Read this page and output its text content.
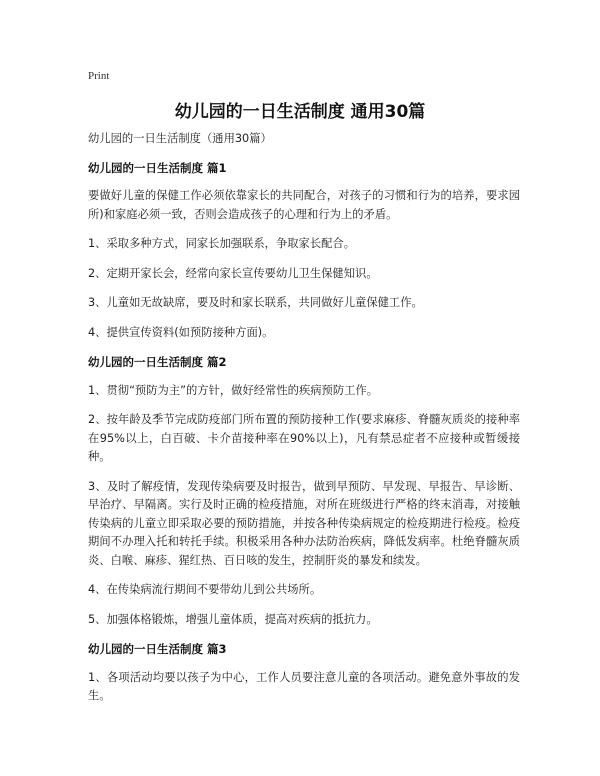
Print
幼儿园的一日生活制度 通用30篇

幼儿园的一日生活制度（通用30篇）

幼儿园的一日生活制度 篇1

要做好儿童的保健工作必须依靠家长的共同配合，对孩子的习惯和行为的培养，要求园所)和家庭必须一致，否则会造成孩子的心理和行为上的矛盾。

1、采取多种方式，同家长加强联系，争取家长配合。

2、定期开家长会，经常向家长宣传要幼儿卫生保健知识。

3、儿童如无故缺席，要及时和家长联系，共同做好儿童保健工作。

4、提供宣传资料(如预防接种方面)。

幼儿园的一日生活制度 篇2

1、贯彻“预防为主”的方针，做好经常性的疾病预防工作。

2、按年龄及季节完成防疫部门所布置的预防接种工作(要求麻疹、脊髓灰质炎的接种率在95%以上，白百破、卡介苗接种率在90%以上)，凡有禁忌症者不应接种或暂缓接种。

3、及时了解疫情，发现传染病要及时报告，做到早预防、早发现、早报告、早诊断、早治疗、早隔离。实行及时正确的检疫措施，对所在班级进行严格的终末消毒，对接触传染病的儿童立即采取必要的预防措施，并按各种传染病规定的检疫期进行检疫。检疫期间不办理入托和转托手续。积极采用各种办法防治疾病，降低发病率。杜绝脊髓灰质炎、白喉、麻疹、猩红热、百日咳的发生，控制肝炎的暴发和续发。

4、在传染病流行期间不要带幼儿到公共场所。

5、加强体格锻炼，增强儿童体质，提高对疾病的抵抗力。

幼儿园的一日生活制度 篇3

1、各项活动均要以孩子为中心，工作人员要注意儿童的各项活动。避免意外事故的发生。
